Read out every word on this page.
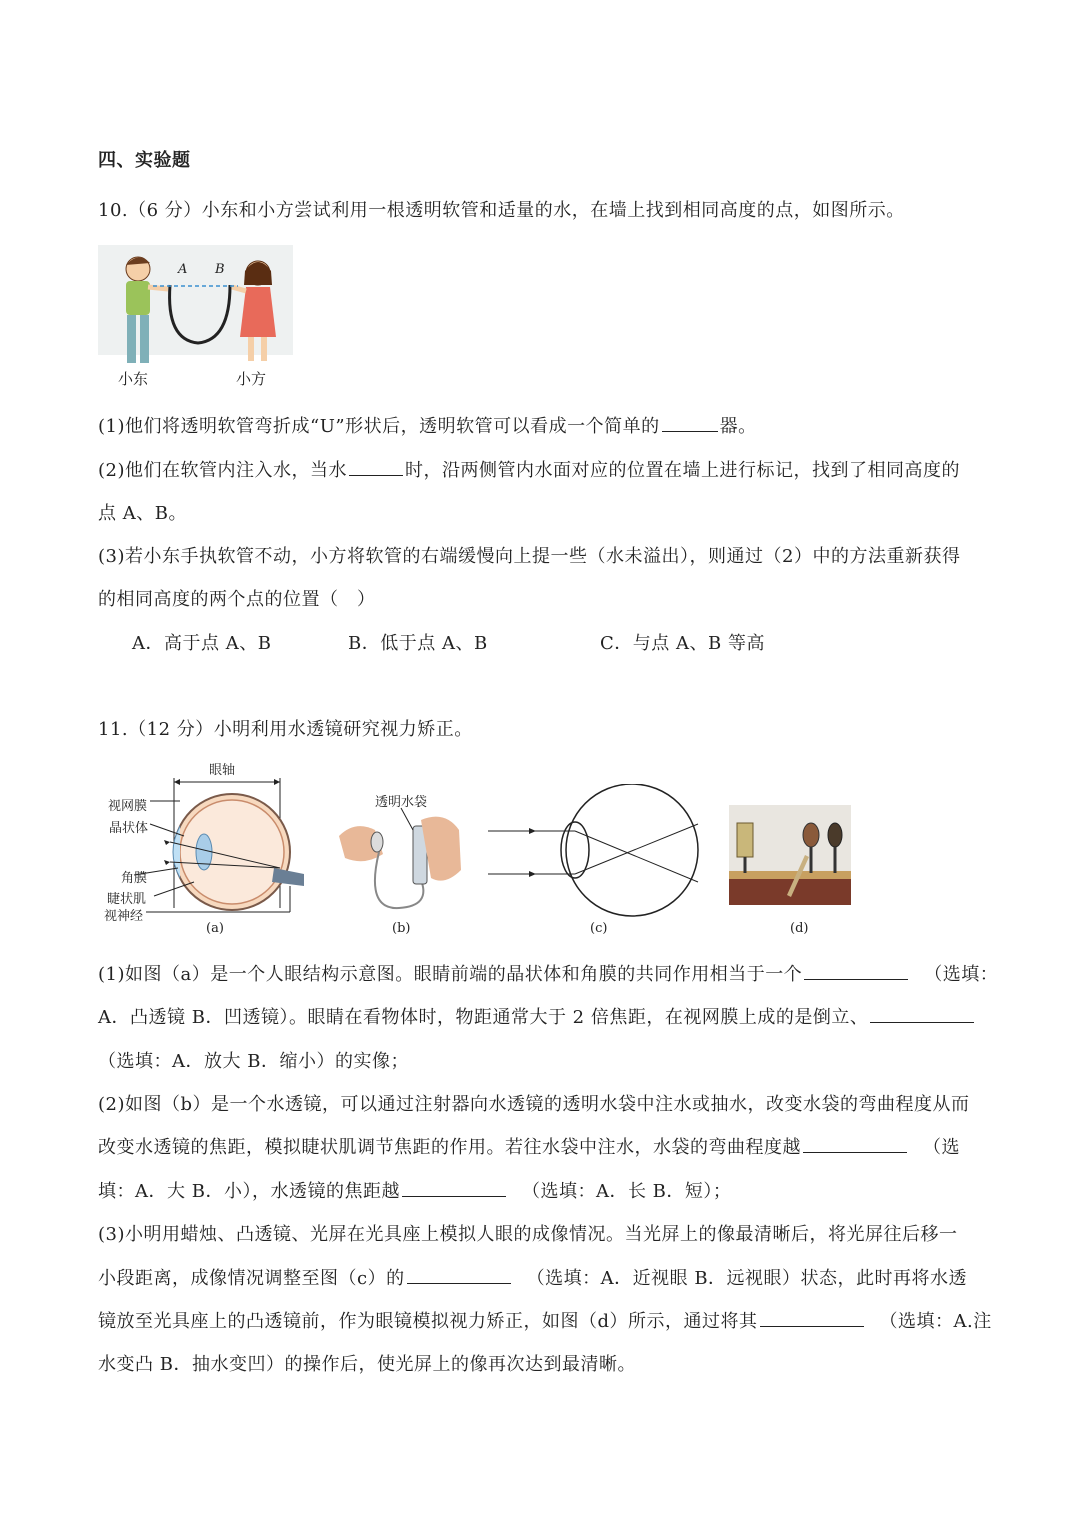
四、实验题
10.（6 分）小东和小方尝试利用一根透明软管和适量的水，在墙上找到相同高度的点，如图所示。
A B
小东	小方
(1)他们将透明软管弯折成“U”形状后，透明软管可以看成一个简单的	器。
(2)他们在软管内注入水，当水	时，沿两侧管内水面对应的位置在墙上进行标记，找到了相同高度的
点 A、B。
(3)若小东手执软管不动，小方将软管的右端缓慢向上提一些（水未溢出），则通过（2）中的方法重新获得
的相同高度的两个点的位置（　）
A．高于点 A、B	B．低于点 A、B	C．与点 A、B 等高
11.（12 分）小明利用水透镜研究视力矫正。
眼轴
视网膜
晶状体
角膜
睫状肌
视神经
(a)
透明水袋
(b)	(c)	(d)
(1)如图（a）是一个人眼结构示意图。眼睛前端的晶状体和角膜的共同作用相当于一个	（选填：
A．凸透镜 B．凹透镜）。眼睛在看物体时，物距通常大于 2 倍焦距，在视网膜上成的是倒立、
（选填：A．放大 B．缩小）的实像；
(2)如图（b）是一个水透镜，可以通过注射器向水透镜的透明水袋中注水或抽水，改变水袋的弯曲程度从而
改变水透镜的焦距，模拟睫状肌调节焦距的作用。若往水袋中注水，水袋的弯曲程度越	（选
填：A．大 B．小），水透镜的焦距越	（选填：A．长 B．短）；
(3)小明用蜡烛、凸透镜、光屏在光具座上模拟人眼的成像情况。当光屏上的像最清晰后，将光屏往后移一
小段距离，成像情况调整至图（c）的	（选填：A．近视眼 B．远视眼）状态，此时再将水透
镜放至光具座上的凸透镜前，作为眼镜模拟视力矫正，如图（d）所示，通过将其	（选填：A.注
水变凸 B．抽水变凹）的操作后，使光屏上的像再次达到最清晰。
